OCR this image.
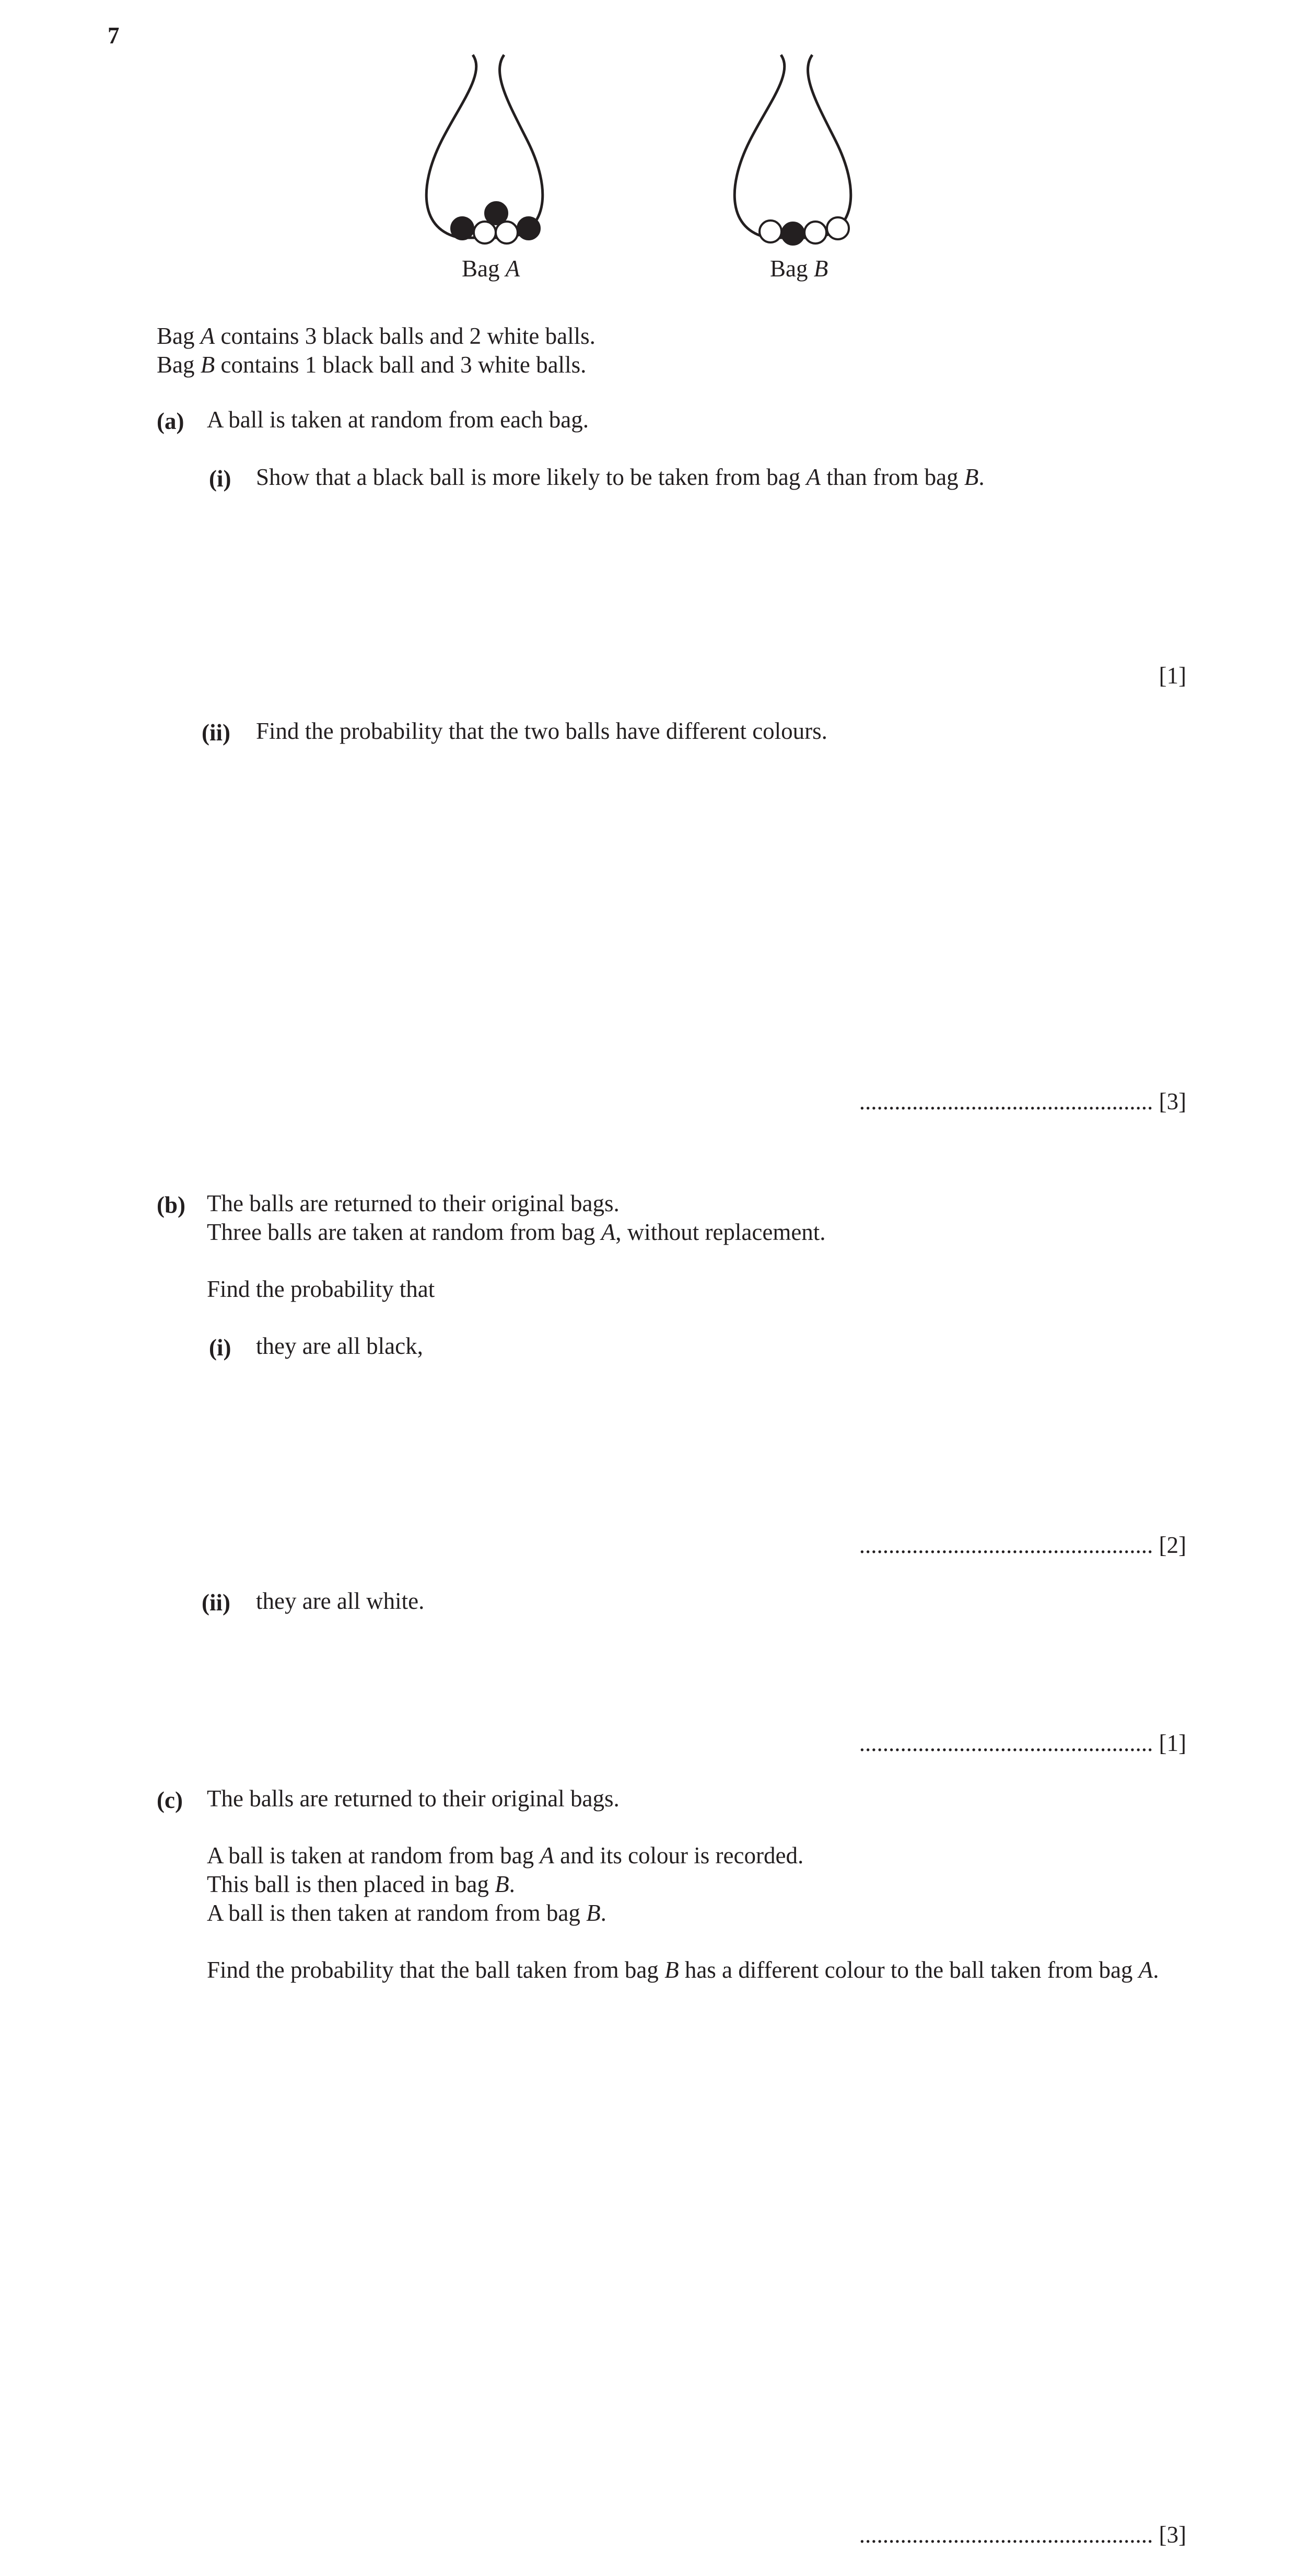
7
Bag A	Bag B
Bag A contains 3 black balls and 2 white balls.
Bag B contains 1 black ball and 3 white balls.
(a) A ball is taken at random from each bag.
(i) Show that a black ball is more likely to be taken from bag A than from bag B.
[1]
(ii) Find the probability that the two balls have different colours.
.................................................. [3]
(b) The balls are returned to their original bags.
Three balls are taken at random from bag A, without replacement.
Find the probability that
(i) they are all black,
.................................................. [2]
(ii) they are all white.
.................................................. [1]
(c) The balls are returned to their original bags.
A ball is taken at random from bag A and its colour is recorded.
This ball is then placed in bag B.
A ball is then taken at random from bag B.
Find the probability that the ball taken from bag B has a different colour to the ball taken from bag A.
.................................................. [3]
